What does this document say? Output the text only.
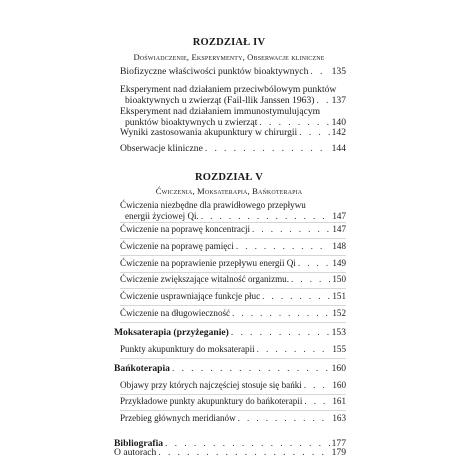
ROZDZIAŁ IV
Doświadczenie, Eksperymenty, Obserwacje kliniczne
Biofizyczne właściwości punktów bioaktywnych . . . 135
Eksperyment nad działaniem przeciwbólowym punktów
bioaktywnych u zwierząt (Fail-llik Janssen 1963) . . . 137
Eksperyment nad działaniem immunostymulującym
punktów bioaktywnych u zwierząt . . .	140
Wyniki zastosowania akupunktury w chirurgii . . .	142
Obserwacje kliniczne . . .	144
ROZDZIAŁ V
Ćwiczenia, Moksaterapia, Bańkoterapia
Ćwiczenia niezbędne dla prawidłowego przepływu
energii życiowej Qi. . . .	147
Ćwiczenie na poprawę koncentracji . . .	147
Ćwiczenie na poprawę pamięci . . .	148
Ćwiczenie na poprawienie przepływu energii Qi . . .	149
Ćwiczenie zwiększające witalność organizmu. . . .	150
Ćwiczenie usprawniające funkcje płuc . . .	151
Ćwiczenie na długowieczność . . .	152
Moksaterapia (przyżeganie) . . .	153
Punkty akupunktury do moksaterapii . . .	155
Bańkoterapia . . .	160
Objawy przy których najczęściej stosuje się bańki . . .	160
Przykładowe punkty akupunktury do bańkoterapii . . .	161
Przebieg głównych meridianów . . .	163
Bibliografia . . .	177
O autorach . . .	179
